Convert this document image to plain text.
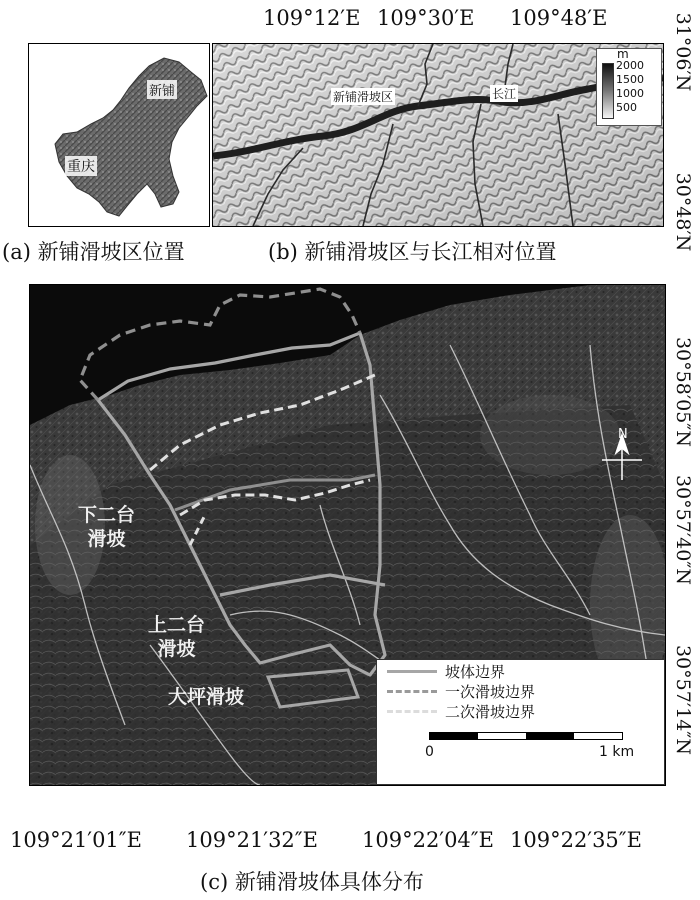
109°12′E 109°30′E 109°48′E
新铺
重庆
新铺滑坡区	长江
m
2000
1500
1000
500
31°06′N
30°48′N
(a) 新铺滑坡区位置	(b) 新铺滑坡区与长江相对位置
N
下二台
滑坡
上二台
滑坡
大坪滑坡
坡体边界
一次滑坡边界
二次滑坡边界
0	1 km
30°58′05″N
30°57′40″N
30°57′14″N
109°21′01″E 109°21′32″E 109°22′04″E 109°22′35″E
(c) 新铺滑坡体具体分布
